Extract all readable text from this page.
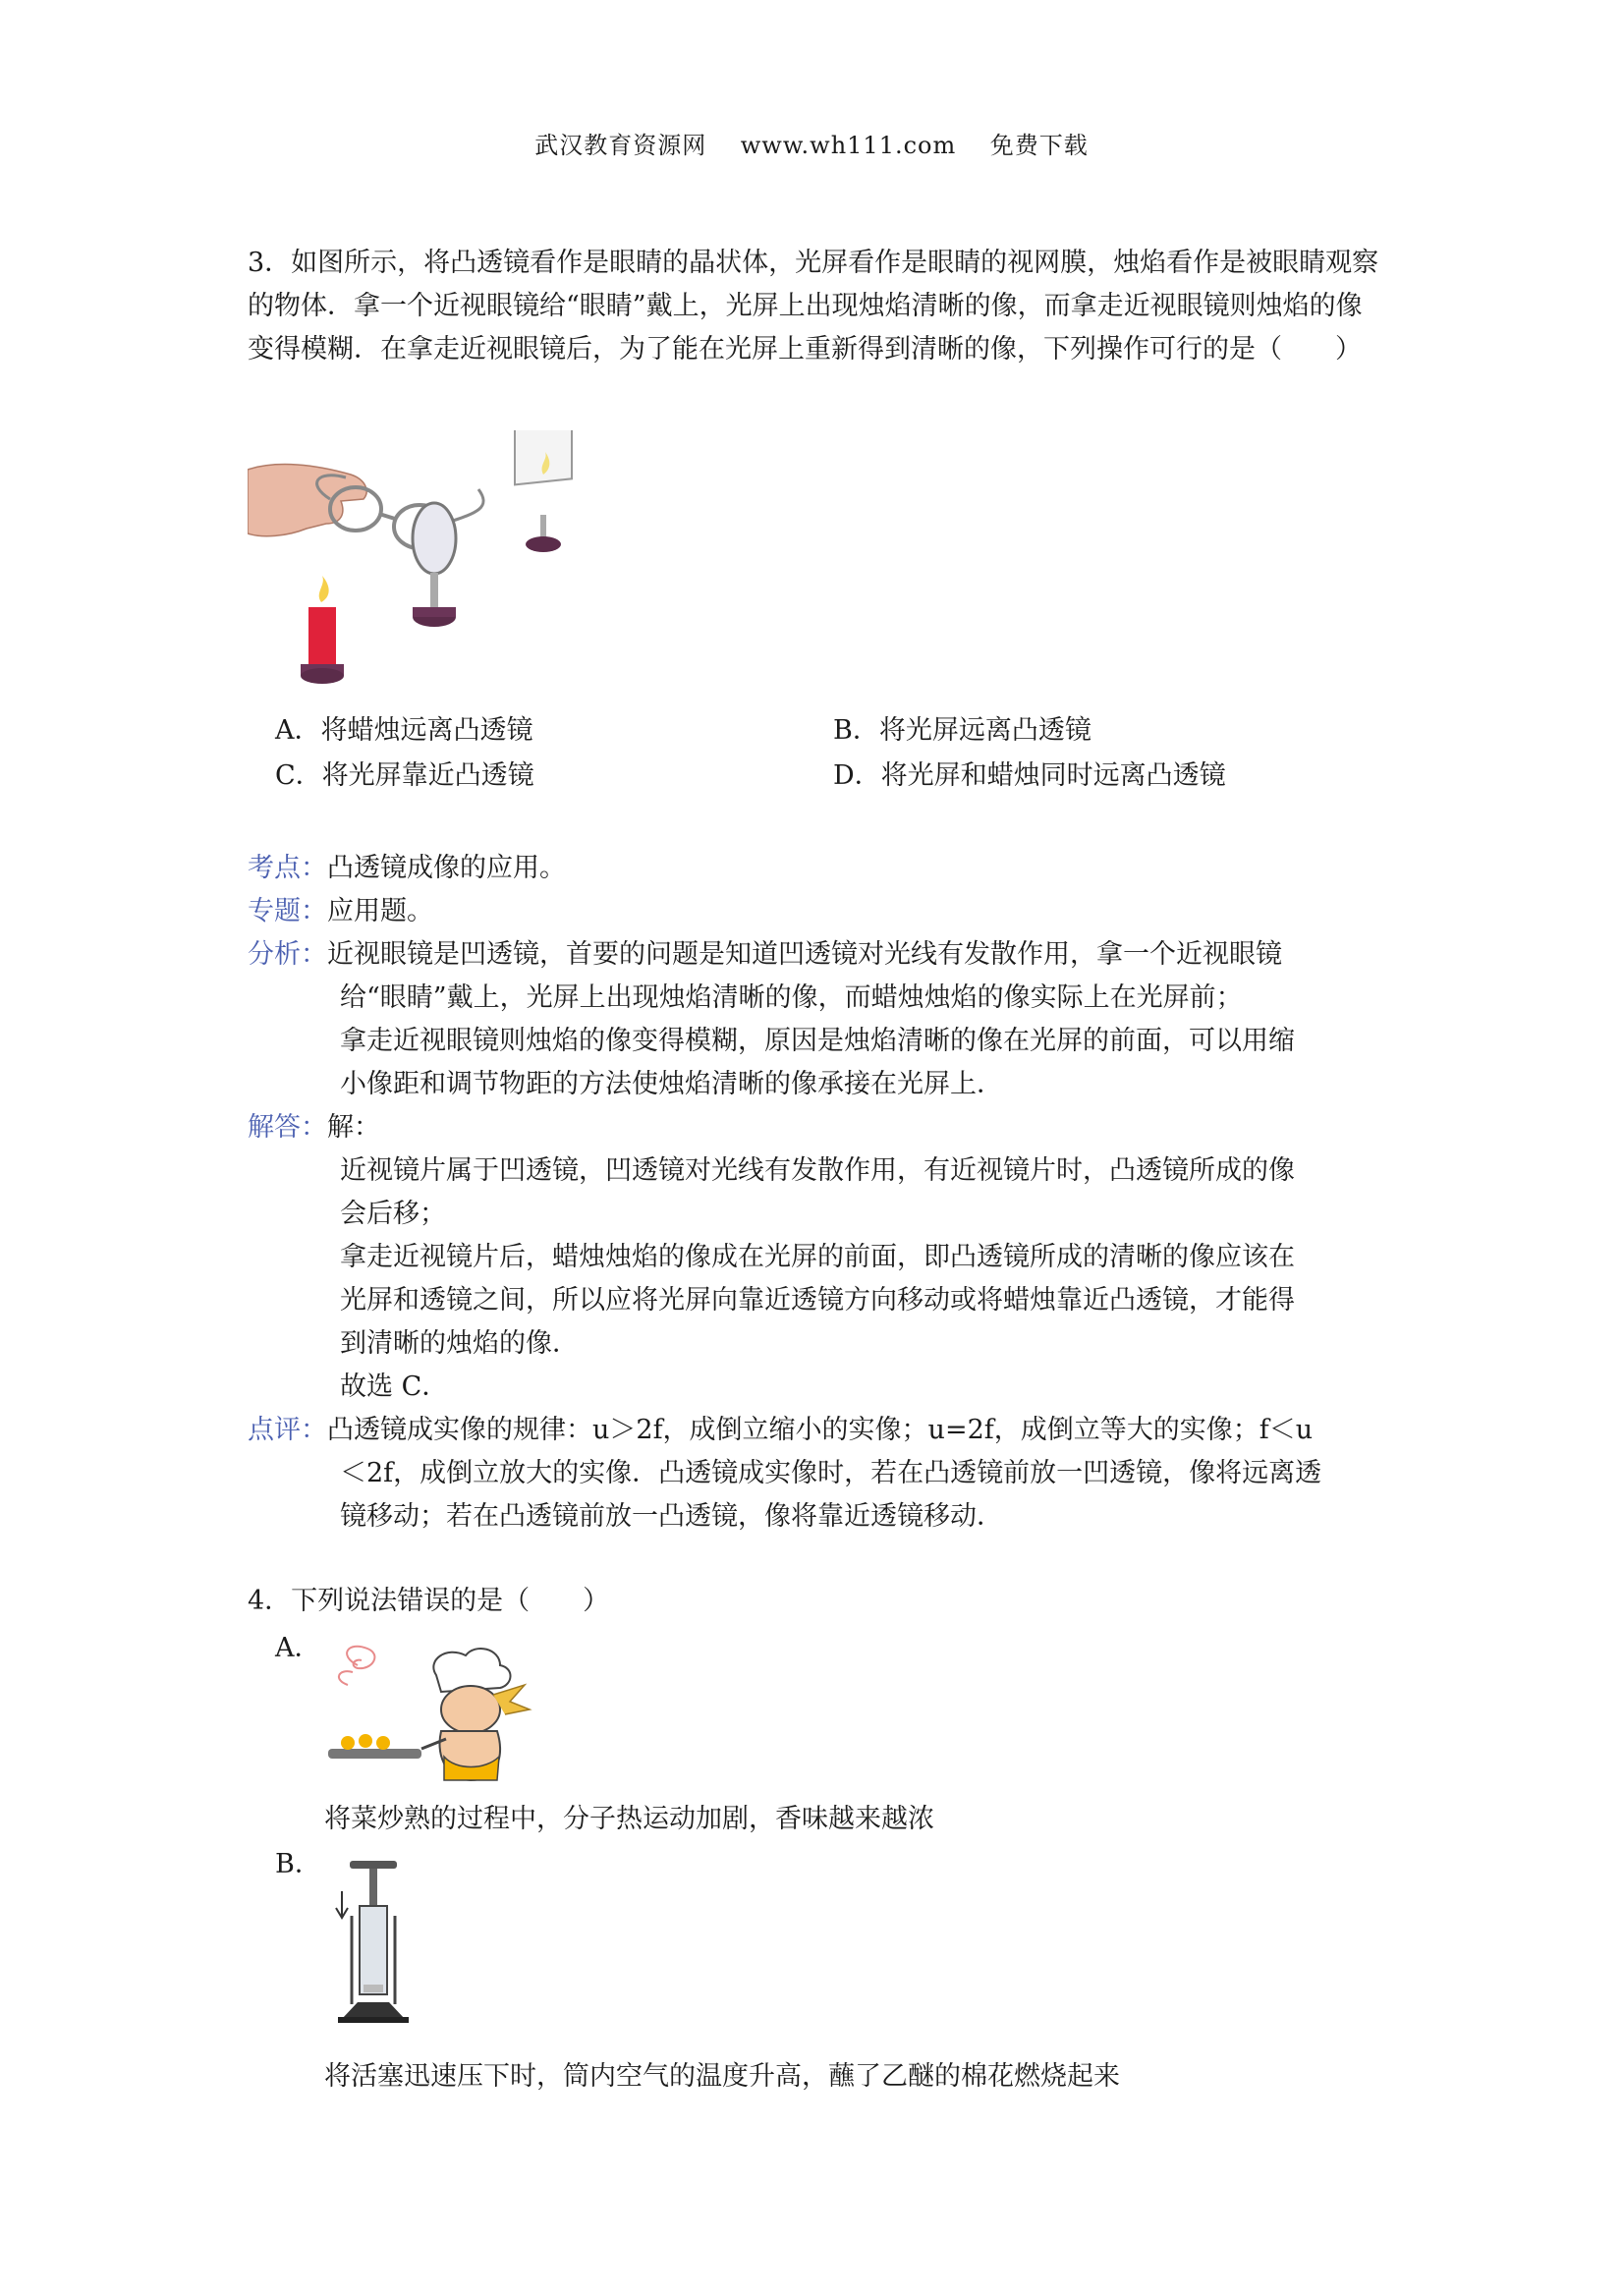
武汉教育资源网 www.wh111.com 免费下载
3．如图所示，将凸透镜看作是眼睛的晶状体，光屏看作是眼睛的视网膜，烛焰看作是被眼睛观察的物体．拿一个近视眼镜给“眼睛”戴上，光屏上出现烛焰清晰的像，而拿走近视眼镜则烛焰的像变得模糊．在拿走近视眼镜后，为了能在光屏上重新得到清晰的像，下列操作可行的是（　　）
A．将蜡烛远离凸透镜	B．将光屏远离凸透镜
C．将光屏靠近凸透镜	D．将光屏和蜡烛同时远离凸透镜
考点：凸透镜成像的应用。
专题：应用题。
分析：近视眼镜是凹透镜，首要的问题是知道凹透镜对光线有发散作用，拿一个近视眼镜
给“眼睛”戴上，光屏上出现烛焰清晰的像，而蜡烛烛焰的像实际上在光屏前；
拿走近视眼镜则烛焰的像变得模糊，原因是烛焰清晰的像在光屏的前面，可以用缩
小像距和调节物距的方法使烛焰清晰的像承接在光屏上．
解答：解：
近视镜片属于凹透镜，凹透镜对光线有发散作用，有近视镜片时，凸透镜所成的像
会后移；
拿走近视镜片后，蜡烛烛焰的像成在光屏的前面，即凸透镜所成的清晰的像应该在
光屏和透镜之间，所以应将光屏向靠近透镜方向移动或将蜡烛靠近凸透镜，才能得
到清晰的烛焰的像．
故选 C．
点评：凸透镜成实像的规律：u＞2f，成倒立缩小的实像；u=2f，成倒立等大的实像；f＜u
＜2f，成倒立放大的实像．凸透镜成实像时，若在凸透镜前放一凹透镜，像将远离透
镜移动；若在凸透镜前放一凸透镜，像将靠近透镜移动．
4．下列说法错误的是（　　）
A．
将菜炒熟的过程中，分子热运动加剧，香味越来越浓
B．
将活塞迅速压下时，筒内空气的温度升高，蘸了乙醚的棉花燃烧起来
